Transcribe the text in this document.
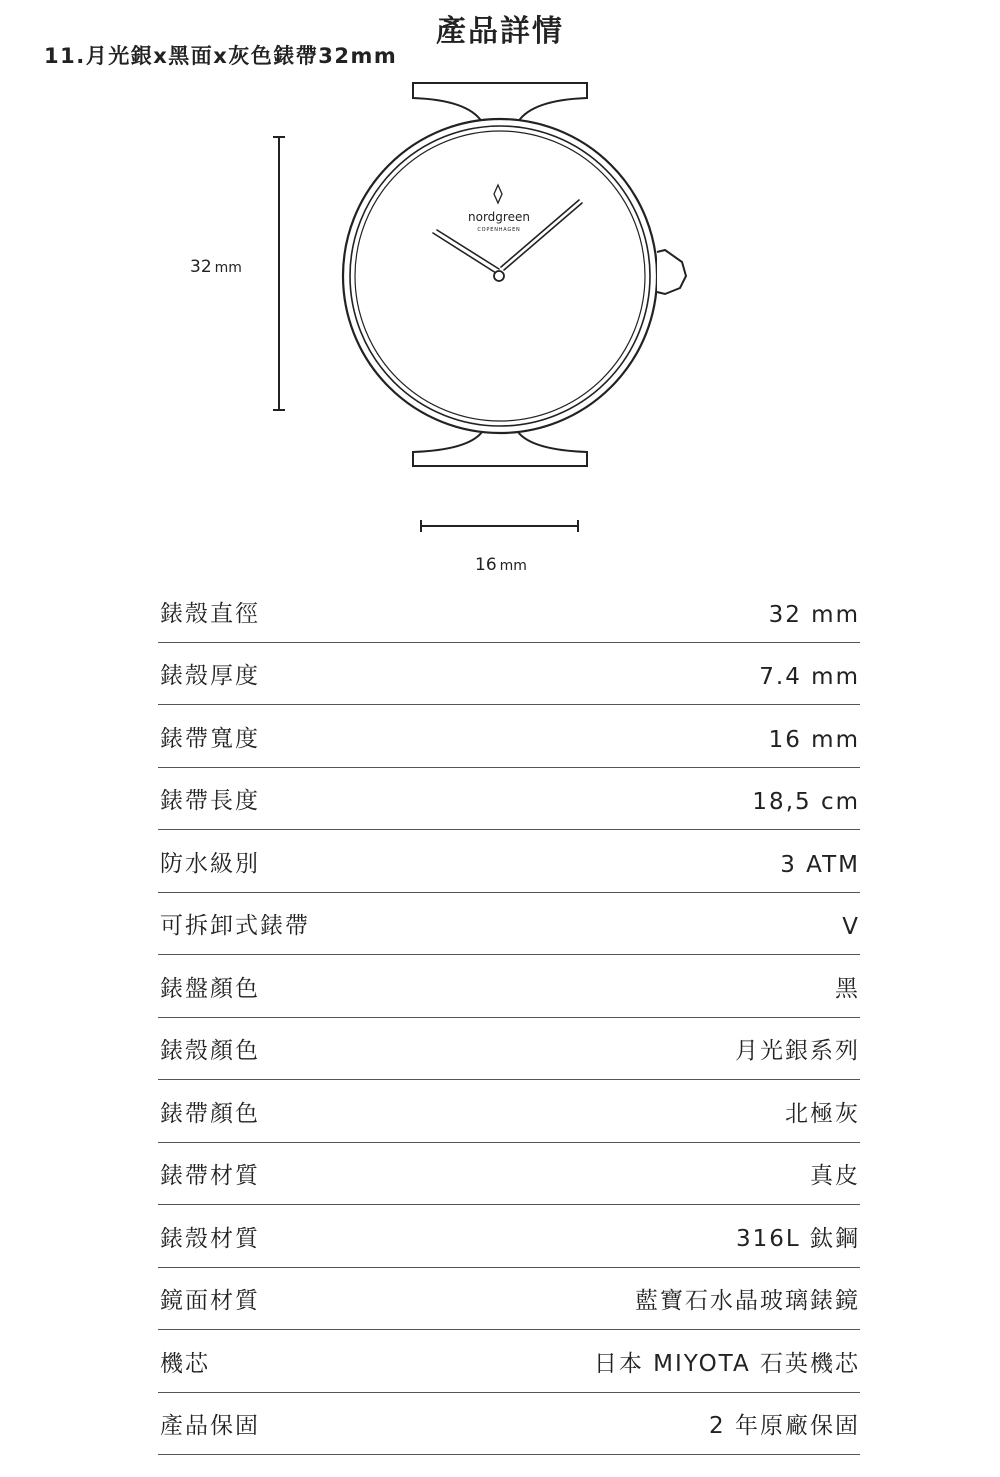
產品詳情
11.月光銀x黑面x灰色錶帶32mm
nordgreen
COPENHAGEN
32 mm
16 mm
錶殼直徑	32 mm
錶殼厚度	7.4 mm
錶帶寬度	16 mm
錶帶長度	18,5 cm
防水級別	3 ATM
可拆卸式錶帶	V
錶盤顏色	黑
錶殼顏色	月光銀系列
錶帶顏色	北極灰
錶帶材質	真皮
錶殼材質	316L 鈦鋼
鏡面材質	藍寶石水晶玻璃錶鏡
機芯	日本 MIYOTA 石英機芯
產品保固	2 年原廠保固
